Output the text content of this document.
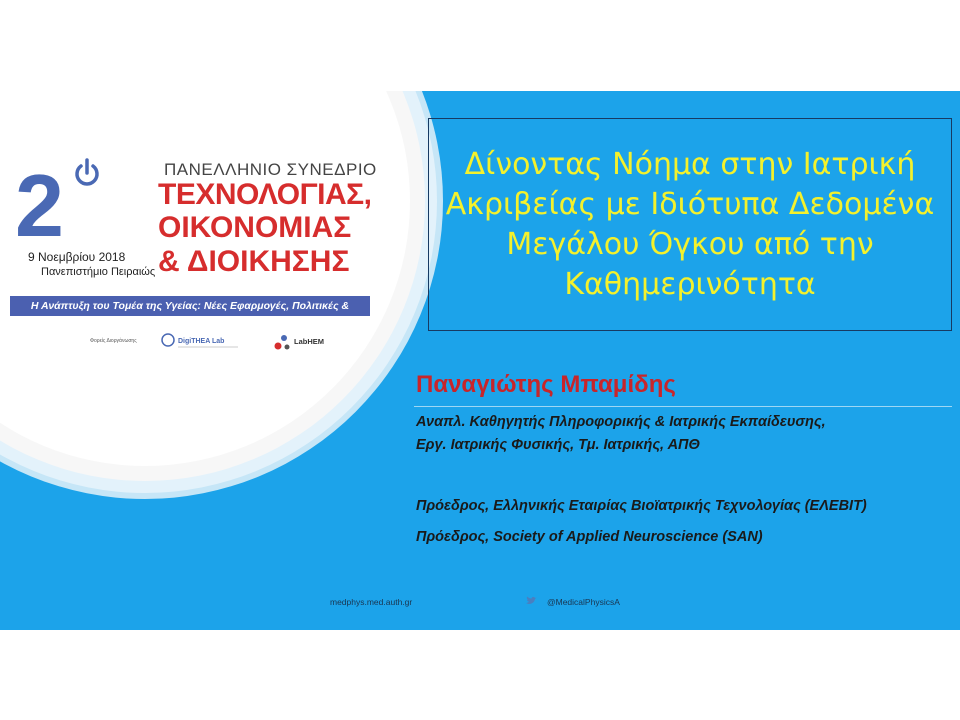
2
9 Νοεμβρίου 2018
Πανεπιστήμιο Πειραιώς
ΠΑΝΕΛΛΗΝΙΟ ΣΥΝΕΔΡΙΟ
ΤΕΧΝΟΛΟΓΙΑΣ,
ΟΙΚΟΝΟΜΙΑΣ
& ΔΙΟΙΚΗΣΗΣ
Η Ανάπτυξη του Τομέα της Υγείας: Νέες Εφαρμογές, Πολιτικές & Προκλήσεις
Φορείς Διοργάνωσης	DigiTHEA Lab	LabHEM
Δίνοντας Νόημα στην Ιατρική Ακριβείας με Ιδιότυπα Δεδομένα Μεγάλου Όγκου από την Καθημερινότητα
Παναγιώτης Μπαμίδης
Αναπλ. Καθηγητής Πληροφορικής & Ιατρικής Εκπαίδευσης,
Εργ. Ιατρικής Φυσικής, Τμ. Ιατρικής, ΑΠΘ
Πρόεδρος, Ελληνικής Εταιρίας Βιοϊατρικής Τεχνολογίας (ΕΛΕΒΙΤ)
Πρόεδρος, Society of Applied Neuroscience (SAN)
medphys.med.auth.gr	@MedicalPhysicsA
